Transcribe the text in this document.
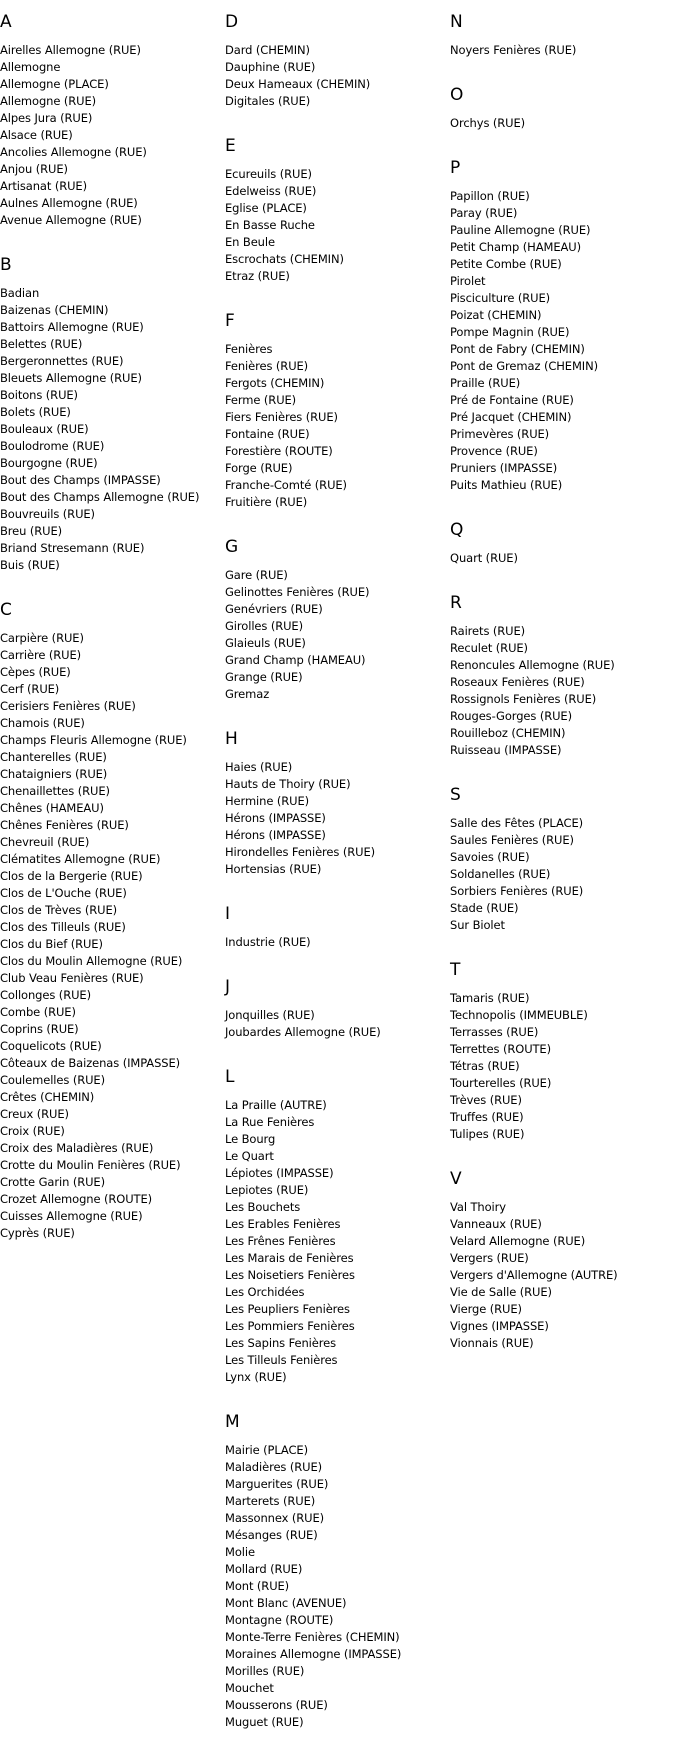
A
Airelles Allemogne (RUE)
Allemogne
Allemogne (PLACE)
Allemogne (RUE)
Alpes Jura (RUE)
Alsace (RUE)
Ancolies Allemogne (RUE)
Anjou (RUE)
Artisanat (RUE)
Aulnes Allemogne (RUE)
Avenue Allemogne (RUE)
B
Badian
Baizenas (CHEMIN)
Battoirs Allemogne (RUE)
Belettes (RUE)
Bergeronnettes (RUE)
Bleuets Allemogne (RUE)
Boitons (RUE)
Bolets (RUE)
Bouleaux (RUE)
Boulodrome (RUE)
Bourgogne (RUE)
Bout des Champs (IMPASSE)
Bout des Champs Allemogne (RUE)
Bouvreuils (RUE)
Breu (RUE)
Briand Stresemann (RUE)
Buis (RUE)
C
Carpière (RUE)
Carrière (RUE)
Cèpes (RUE)
Cerf (RUE)
Cerisiers Fenières (RUE)
Chamois (RUE)
Champs Fleuris Allemogne (RUE)
Chanterelles (RUE)
Chataigniers (RUE)
Chenaillettes (RUE)
Chênes (HAMEAU)
Chênes Fenières (RUE)
Chevreuil (RUE)
Clématites Allemogne (RUE)
Clos de la Bergerie (RUE)
Clos de L'Ouche (RUE)
Clos de Trèves (RUE)
Clos des Tilleuls (RUE)
Clos du Bief (RUE)
Clos du Moulin Allemogne (RUE)
Club Veau Fenières (RUE)
Collonges (RUE)
Combe (RUE)
Coprins (RUE)
Coquelicots (RUE)
Côteaux de Baizenas (IMPASSE)
Coulemelles (RUE)
Crêtes (CHEMIN)
Creux (RUE)
Croix (RUE)
Croix des Maladières (RUE)
Crotte du Moulin Fenières (RUE)
Crotte Garin (RUE)
Crozet Allemogne (ROUTE)
Cuisses Allemogne (RUE)
Cyprès (RUE)
D
Dard (CHEMIN)
Dauphine (RUE)
Deux Hameaux (CHEMIN)
Digitales (RUE)
E
Ecureuils (RUE)
Edelweiss (RUE)
Eglise (PLACE)
En Basse Ruche
En Beule
Escrochats (CHEMIN)
Etraz (RUE)
F
Fenières
Fenières (RUE)
Fergots (CHEMIN)
Ferme (RUE)
Fiers Fenières (RUE)
Fontaine (RUE)
Forestière (ROUTE)
Forge (RUE)
Franche-Comté (RUE)
Fruitière (RUE)
G
Gare (RUE)
Gelinottes Fenières (RUE)
Genévriers (RUE)
Girolles (RUE)
Glaieuls (RUE)
Grand Champ (HAMEAU)
Grange (RUE)
Gremaz
H
Haies (RUE)
Hauts de Thoiry (RUE)
Hermine (RUE)
Hérons (IMPASSE)
Hérons (IMPASSE)
Hirondelles Fenières (RUE)
Hortensias (RUE)
I
Industrie (RUE)
J
Jonquilles (RUE)
Joubardes Allemogne (RUE)
L
La Praille (AUTRE)
La Rue Fenières
Le Bourg
Le Quart
Lépiotes (IMPASSE)
Lepiotes (RUE)
Les Bouchets
Les Erables Fenières
Les Frênes Fenières
Les Marais de Fenières
Les Noisetiers Fenières
Les Orchidées
Les Peupliers Fenières
Les Pommiers Fenières
Les Sapins Fenières
Les Tilleuls Fenières
Lynx (RUE)
M
Mairie (PLACE)
Maladières (RUE)
Marguerites (RUE)
Marterets (RUE)
Massonnex (RUE)
Mésanges (RUE)
Molie
Mollard (RUE)
Mont (RUE)
Mont Blanc (AVENUE)
Montagne (ROUTE)
Monte-Terre Fenières (CHEMIN)
Moraines Allemogne (IMPASSE)
Morilles (RUE)
Mouchet
Mousserons (RUE)
Muguet (RUE)
N
Noyers Fenières (RUE)
O
Orchys (RUE)
P
Papillon (RUE)
Paray (RUE)
Pauline Allemogne (RUE)
Petit Champ (HAMEAU)
Petite Combe (RUE)
Pirolet
Pisciculture (RUE)
Poizat (CHEMIN)
Pompe Magnin (RUE)
Pont de Fabry (CHEMIN)
Pont de Gremaz (CHEMIN)
Praille (RUE)
Pré de Fontaine (RUE)
Pré Jacquet (CHEMIN)
Primevères (RUE)
Provence (RUE)
Pruniers (IMPASSE)
Puits Mathieu (RUE)
Q
Quart (RUE)
R
Rairets (RUE)
Reculet (RUE)
Renoncules Allemogne (RUE)
Roseaux Fenières (RUE)
Rossignols Fenières (RUE)
Rouges-Gorges (RUE)
Rouilleboz (CHEMIN)
Ruisseau (IMPASSE)
S
Salle des Fêtes (PLACE)
Saules Fenières (RUE)
Savoies (RUE)
Soldanelles (RUE)
Sorbiers Fenières (RUE)
Stade (RUE)
Sur Biolet
T
Tamaris (RUE)
Technopolis (IMMEUBLE)
Terrasses (RUE)
Terrettes (ROUTE)
Tétras (RUE)
Tourterelles (RUE)
Trèves (RUE)
Truffes (RUE)
Tulipes (RUE)
V
Val Thoiry
Vanneaux (RUE)
Velard Allemogne (RUE)
Vergers (RUE)
Vergers d'Allemogne (AUTRE)
Vie de Salle (RUE)
Vierge (RUE)
Vignes (IMPASSE)
Vionnais (RUE)
